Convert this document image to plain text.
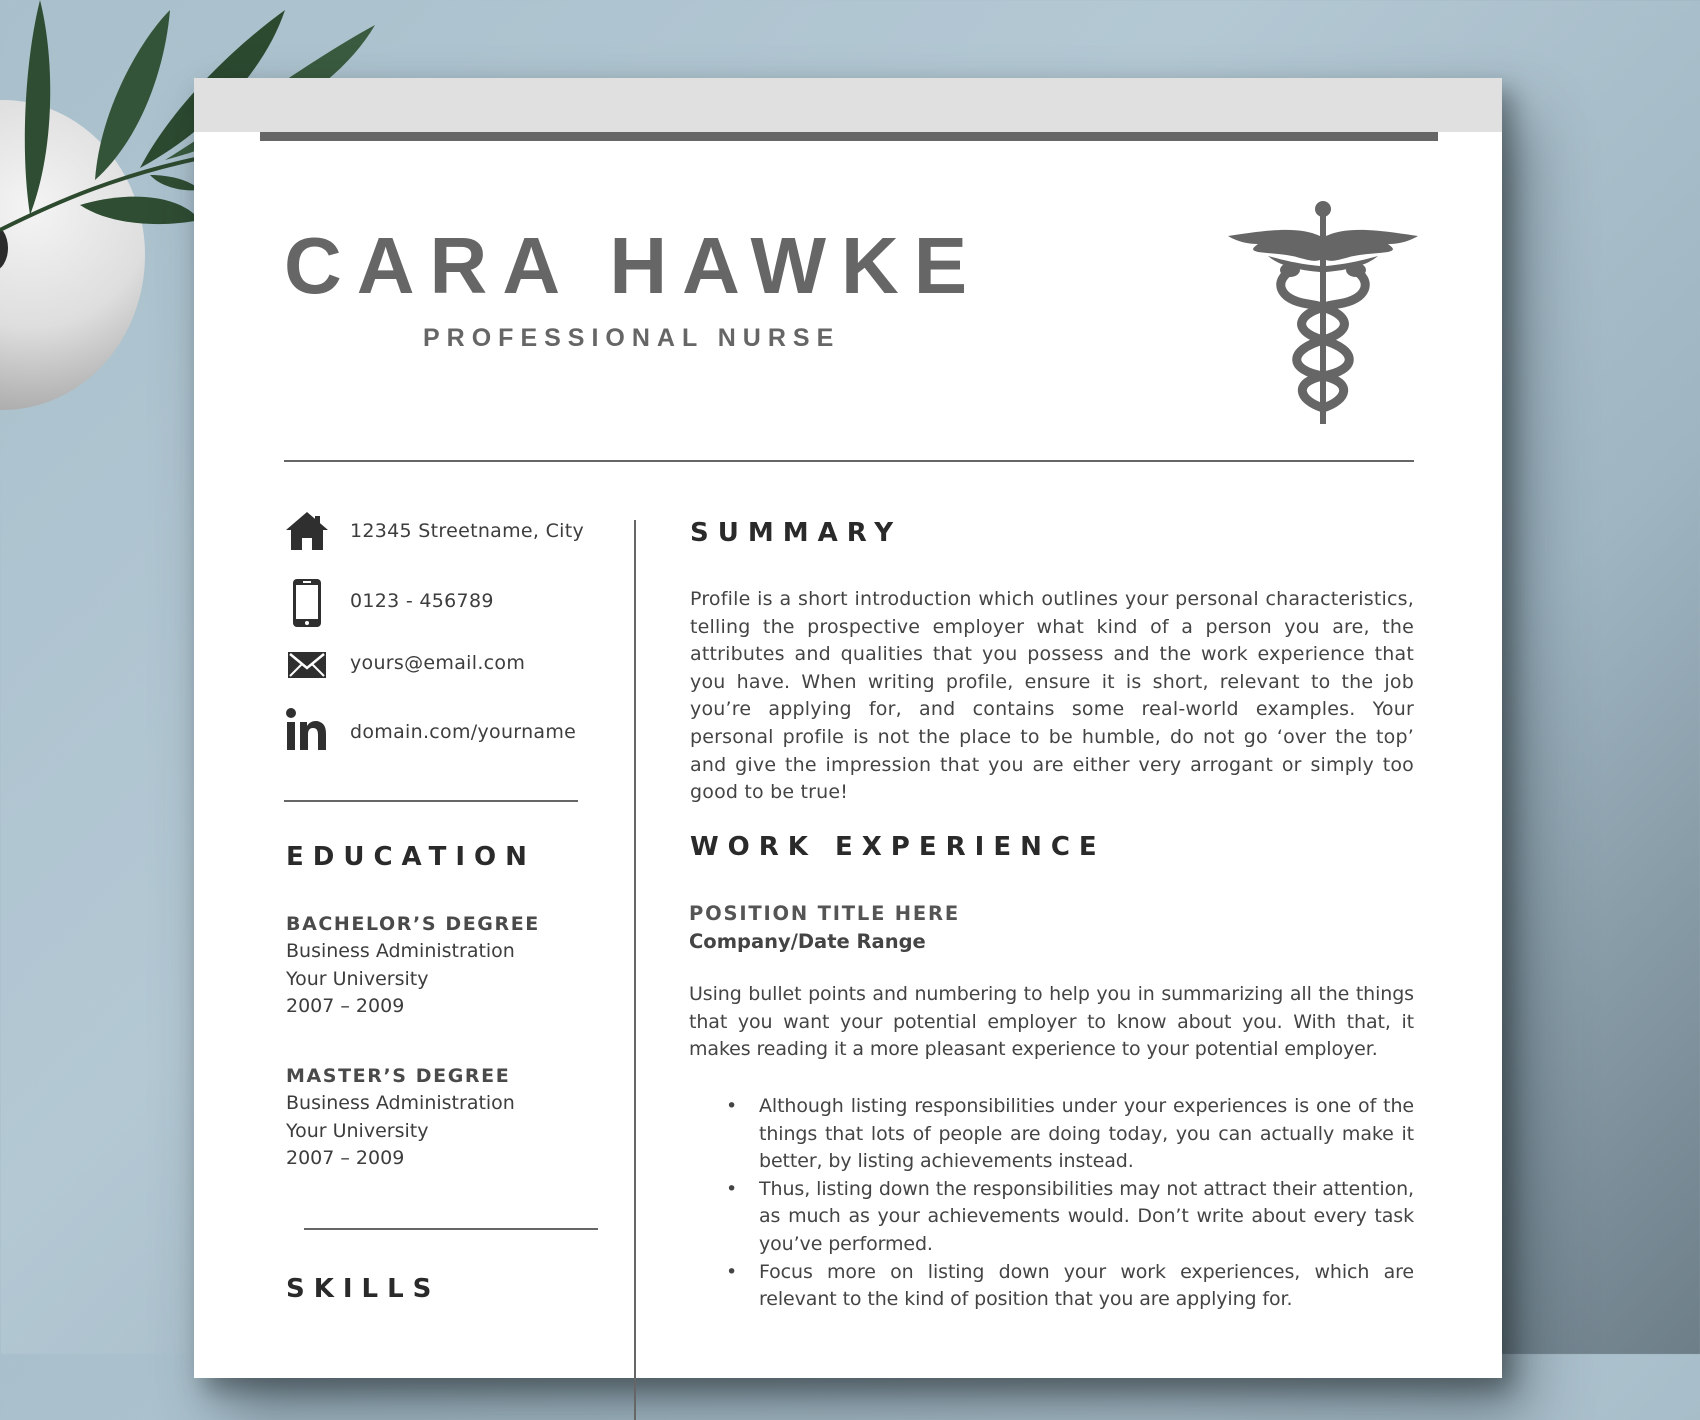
CARA HAWKE
PROFESSIONAL NURSE
12345 Streetname, City
0123 - 456789
yours@email.com
domain.com/yourname
EDUCATION
BACHELOR’S DEGREE
Business Administration
Your University
2007 – 2009
MASTER’S DEGREE
Business Administration
Your University
2007 – 2009
SKILLS
SUMMARY

Profile is a short introduction which outlines your personal characteristics, telling the prospective employer what kind of a person you are, the attributes and qualities that you possess and the work experience that you have. When writing profile, ensure it is short, relevant to the job you’re applying for, and contains some real-world examples. Your personal profile is not the place to be humble, do not go ‘over the top’ and give the impression that you are either very arrogant or simply too good to be true!

WORK EXPERIENCE
POSITION TITLE HERE
Company/Date Range

Using bullet points and numbering to help you in summarizing all the things that you want your potential employer to know about you. With that, it makes reading it a more pleasant experience to your potential employer.

• Although listing responsibilities under your experiences is one of the things that lots of people are doing today, you can actually make it better, by listing achievements instead.
• Thus, listing down the responsibilities may not attract their attention, as much as your achievements would. Don’t write about every task you’ve performed.
• Focus more on listing down your work experiences, which are relevant to the kind of position that you are applying for.
